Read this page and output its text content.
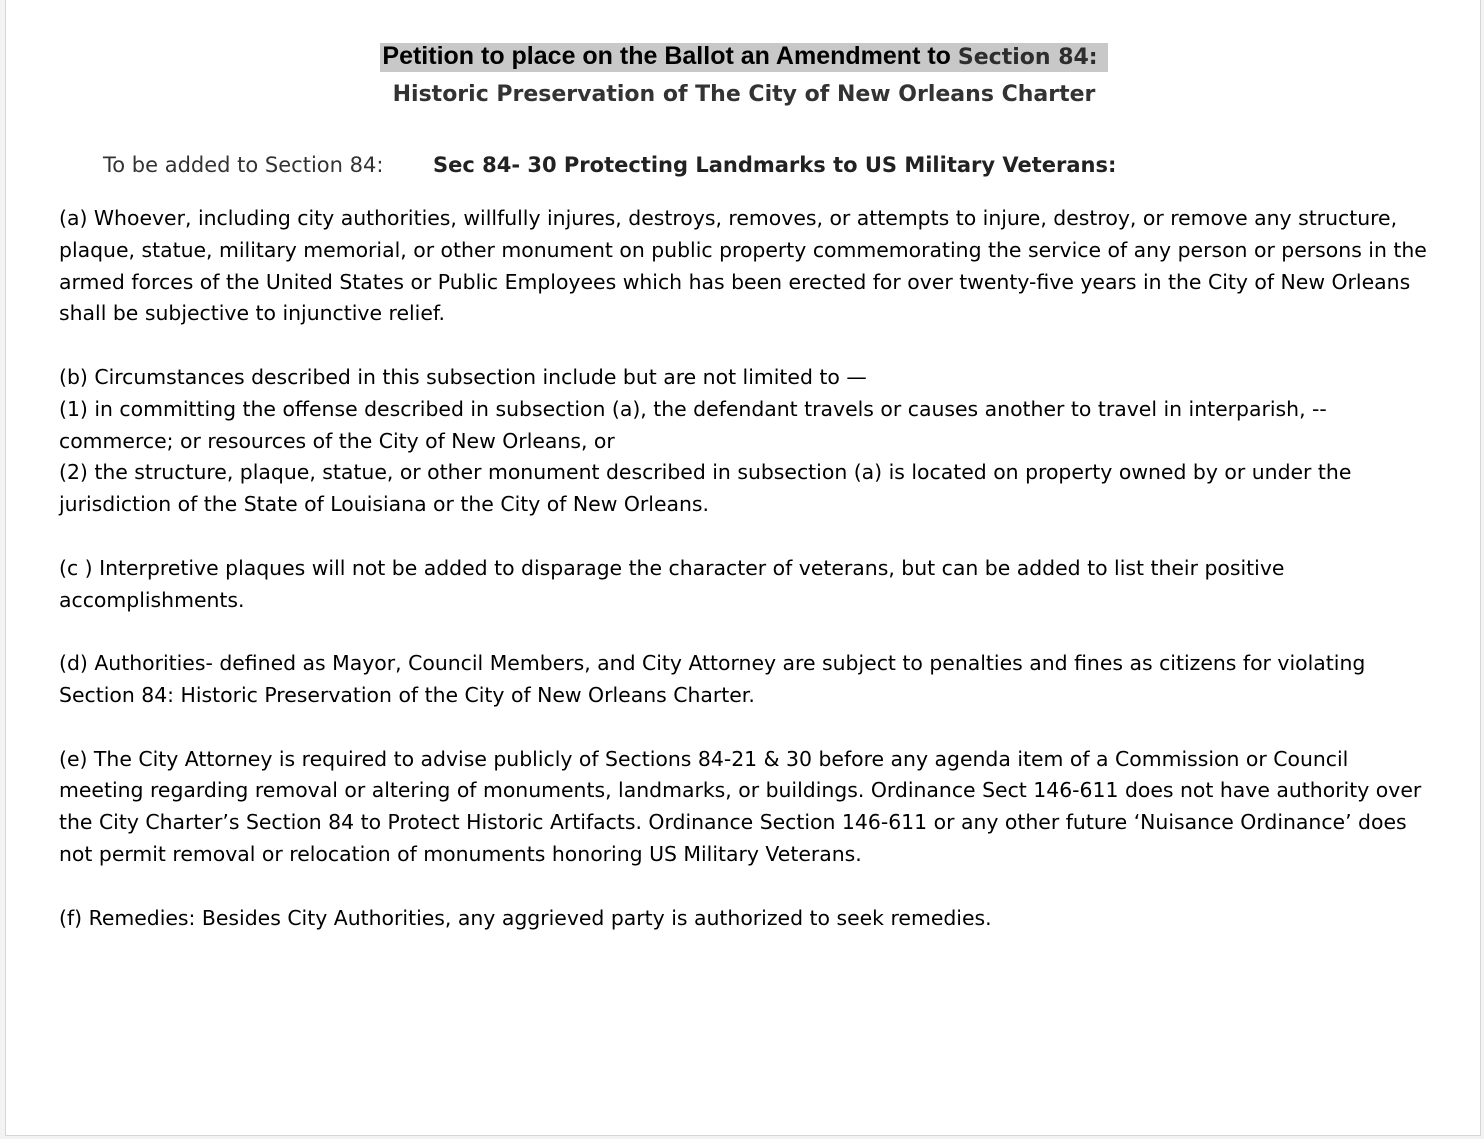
Petition to place on the Ballot an Amendment to Section 84:
Historic Preservation of The City of New Orleans Charter
To be added to Section 84: Sec 84- 30 Protecting Landmarks to US Military Veterans:

(a) Whoever, including city authorities, willfully injures, destroys, removes, or attempts to injure, destroy, or remove any structure, plaque, statue, military memorial, or other monument on public property commemorating the service of any person or persons in the armed forces of the United States or Public Employees which has been erected for over twenty-five years in the City of New Orleans shall be subjective to injunctive relief.

(b) Circumstances described in this subsection include but are not limited to —

(1) in committing the offense described in subsection (a), the defendant travels or causes another to travel in interparish, --commerce; or resources of the City of New Orleans, or

(2) the structure, plaque, statue, or other monument described in subsection (a) is located on property owned by or under the jurisdiction of the State of Louisiana or the City of New Orleans.

(c ) Interpretive plaques will not be added to disparage the character of veterans, but can be added to list their positive accomplishments.

(d) Authorities- defined as Mayor, Council Members, and City Attorney are subject to penalties and fines as citizens for violating Section 84: Historic Preservation of the City of New Orleans Charter.

(e) The City Attorney is required to advise publicly of Sections 84-21 & 30 before any agenda item of a Commission or Council meeting regarding removal or altering of monuments, landmarks, or buildings. Ordinance Sect 146-611 does not have authority over the City Charter’s Section 84 to Protect Historic Artifacts. Ordinance Section 146-611 or any other future ‘Nuisance Ordinance’ does not permit removal or relocation of monuments honoring US Military Veterans.

(f) Remedies: Besides City Authorities, any aggrieved party is authorized to seek remedies.
